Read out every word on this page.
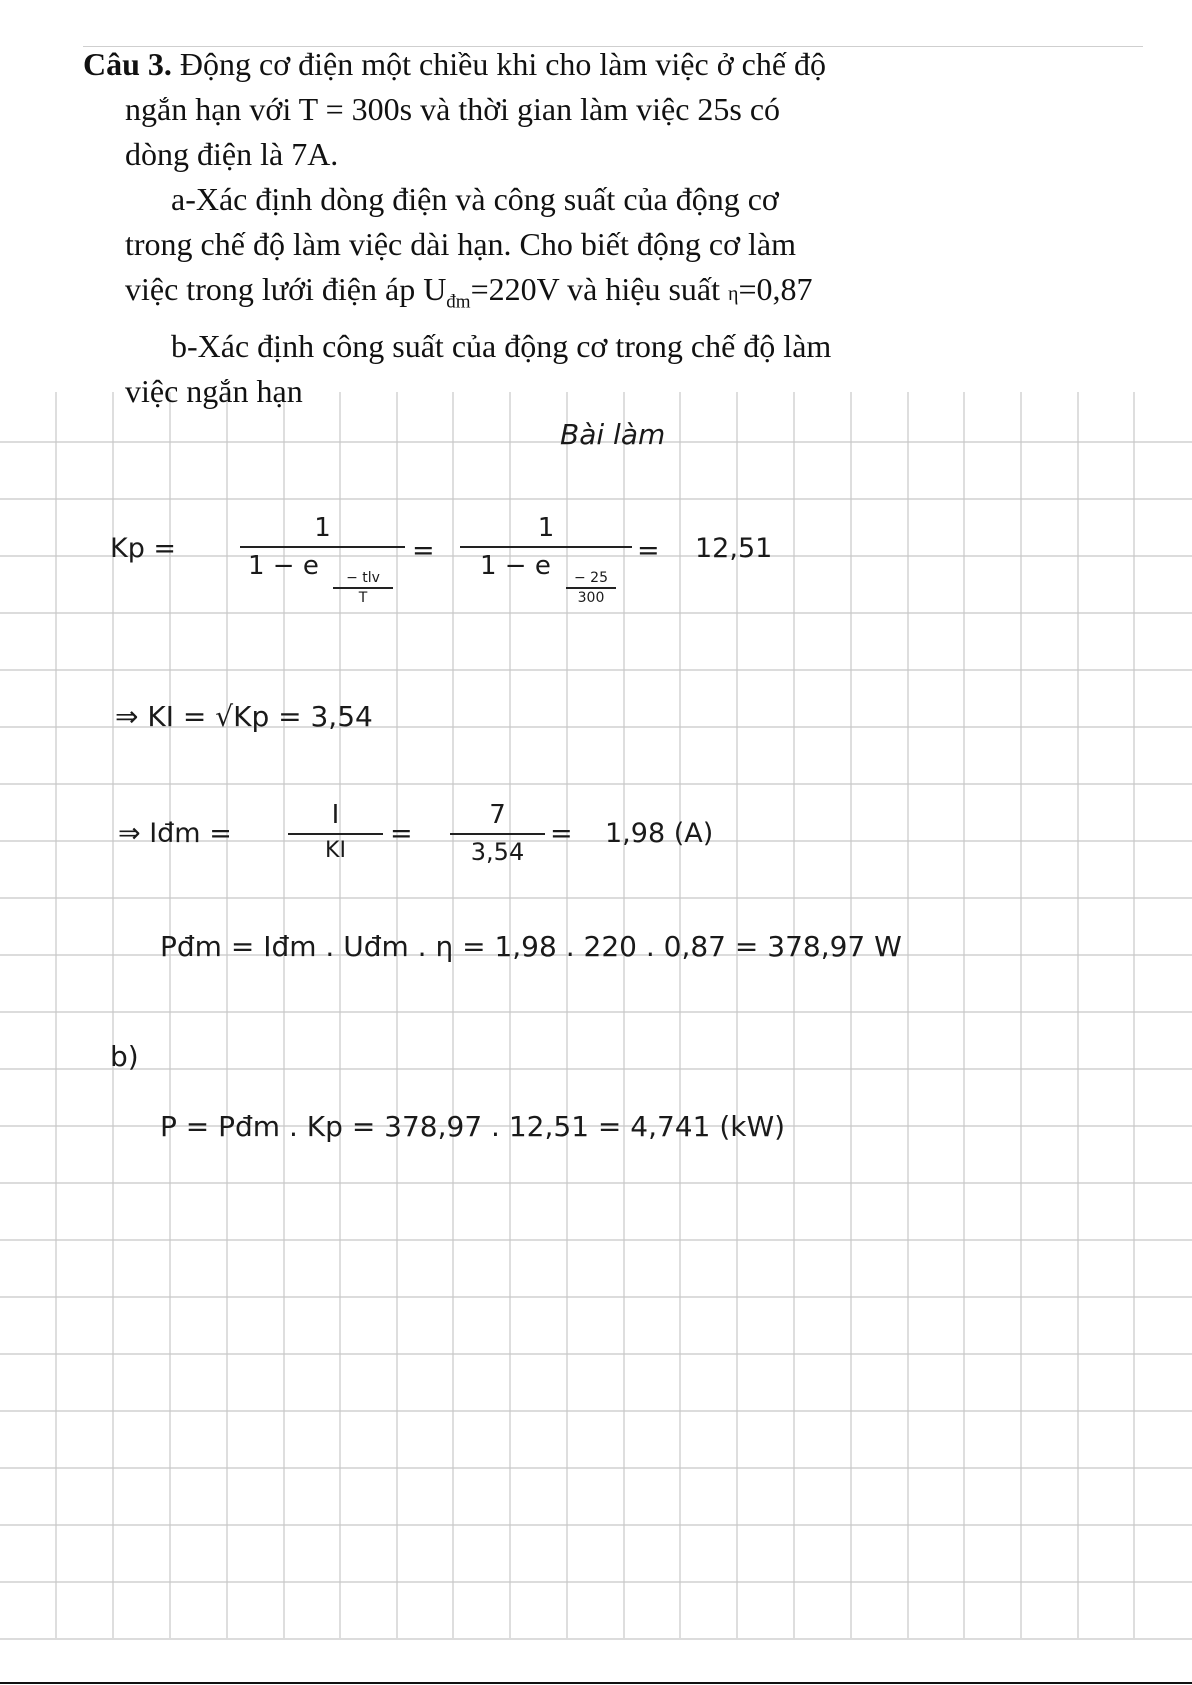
Câu 3. Động cơ điện một chiều khi cho làm việc ở chế độ
ngắn hạn với T = 300s và thời gian làm việc 25s có
dòng điện là 7A.
a-Xác định dòng điện và công suất của động cơ
trong chế độ làm việc dài hạn. Cho biết động cơ làm
việc trong lưới điện áp $U_{đm}=220V$ và hiệu suất η=0,87
b-Xác định công suất của động cơ trong chế độ làm
việc ngắn hạn
Bài làm
Kp =
1
1 − e	− tlv
T
=
1
1 − e	− 25
300
= 12,51
⇒ KI = √Kp = 3,54
⇒ Iđm =
I
KI
=
7
3,54
= 1,98 (A)
Pđm = Iđm . Uđm . η = 1,98 . 220 . 0,87 = 378,97 W
b)
P = Pđm . Kp = 378,97 . 12,51 = 4,741 (kW)
